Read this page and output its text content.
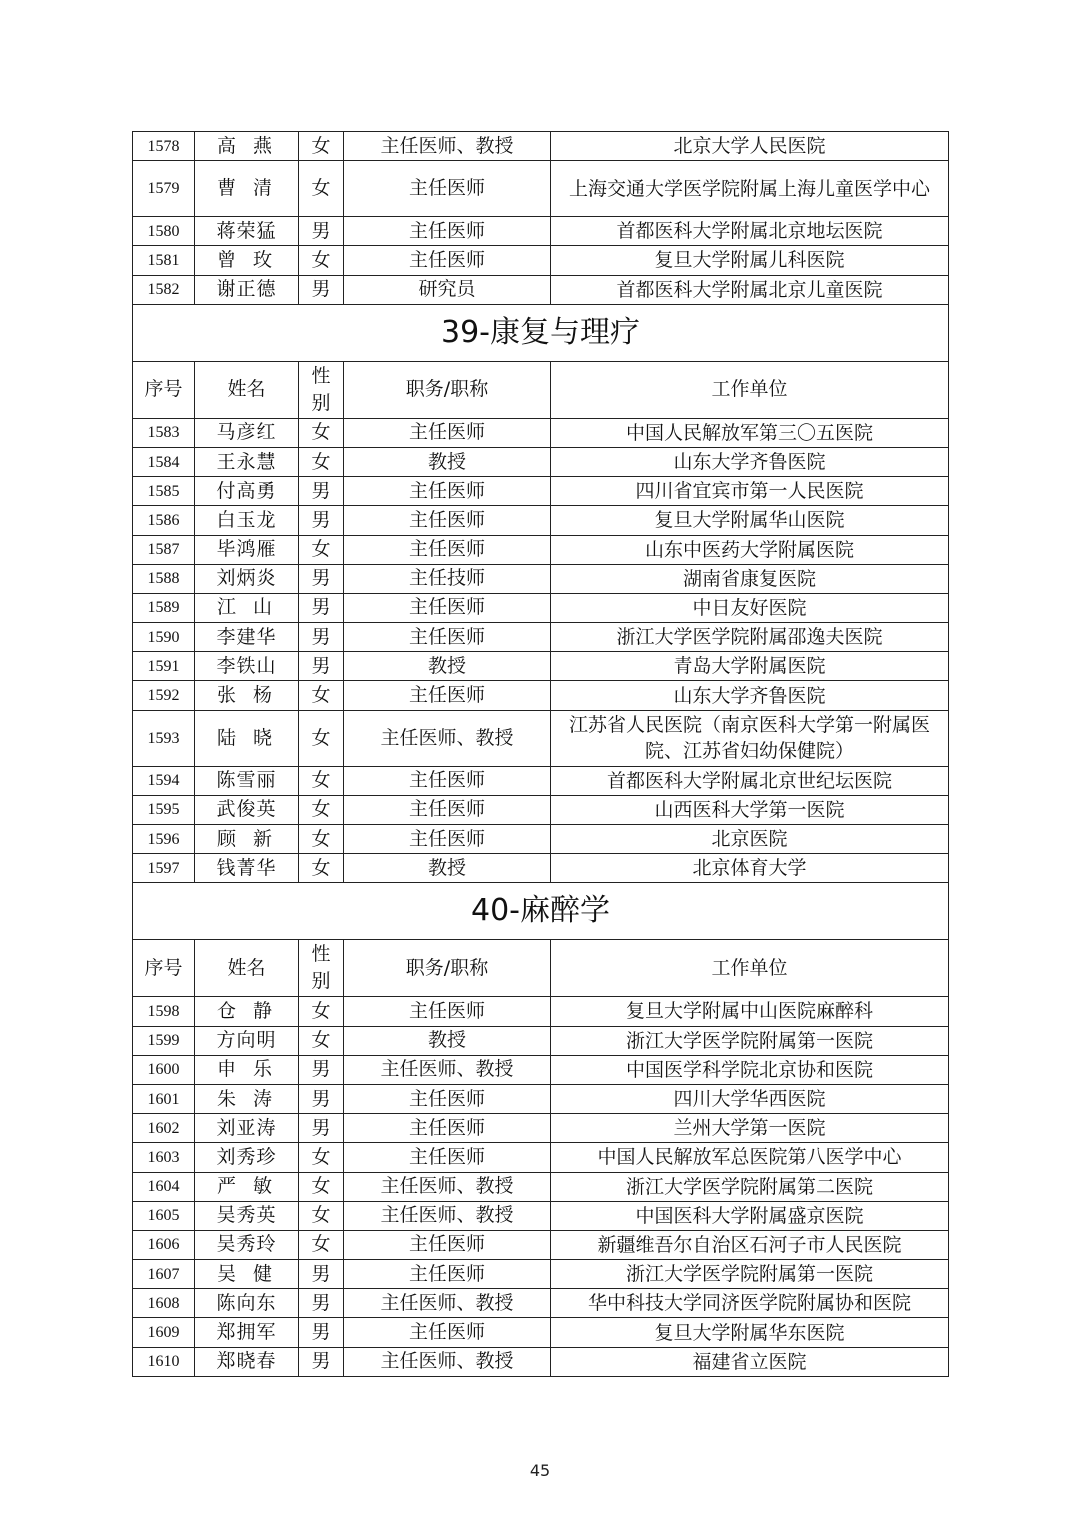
1578	高燕	女	主任医师、教授	北京大学人民医院
1579	曹清	女	主任医师	上海交通大学医学院附属上海儿童医学中心
1580	蒋荣猛	男	主任医师	首都医科大学附属北京地坛医院
1581	曾玫	女	主任医师	复旦大学附属儿科医院
1582	谢正德	男	研究员	首都医科大学附属北京儿童医院
39-康复与理疗				
序号	姓名	性别	职务/职称	工作单位
1583	马彦红	女	主任医师	中国人民解放军第三〇五医院
1584	王永慧	女	教授	山东大学齐鲁医院
1585	付高勇	男	主任医师	四川省宜宾市第一人民医院
1586	白玉龙	男	主任医师	复旦大学附属华山医院
1587	毕鸿雁	女	主任医师	山东中医药大学附属医院
1588	刘炳炎	男	主任技师	湖南省康复医院
1589	江山	男	主任医师	中日友好医院
1590	李建华	男	主任医师	浙江大学医学院附属邵逸夫医院
1591	李铁山	男	教授	青岛大学附属医院
1592	张杨	女	主任医师	山东大学齐鲁医院
1593	陆晓	女	主任医师、教授	江苏省人民医院（南京医科大学第一附属医院、江苏省妇幼保健院）
1594	陈雪丽	女	主任医师	首都医科大学附属北京世纪坛医院
1595	武俊英	女	主任医师	山西医科大学第一医院
1596	顾新	女	主任医师	北京医院
1597	钱菁华	女	教授	北京体育大学
40-麻醉学				
序号	姓名	性别	职务/职称	工作单位
1598	仓静	女	主任医师	复旦大学附属中山医院麻醉科
1599	方向明	女	教授	浙江大学医学院附属第一医院
1600	申乐	男	主任医师、教授	中国医学科学院北京协和医院
1601	朱涛	男	主任医师	四川大学华西医院
1602	刘亚涛	男	主任医师	兰州大学第一医院
1603	刘秀珍	女	主任医师	中国人民解放军总医院第八医学中心
1604	严敏	女	主任医师、教授	浙江大学医学院附属第二医院
1605	吴秀英	女	主任医师、教授	中国医科大学附属盛京医院
1606	吴秀玲	女	主任医师	新疆维吾尔自治区石河子市人民医院
1607	吴健	男	主任医师	浙江大学医学院附属第一医院
1608	陈向东	男	主任医师、教授	华中科技大学同济医学院附属协和医院
1609	郑拥军	男	主任医师	复旦大学附属华东医院
1610	郑晓春	男	主任医师、教授	福建省立医院
45
